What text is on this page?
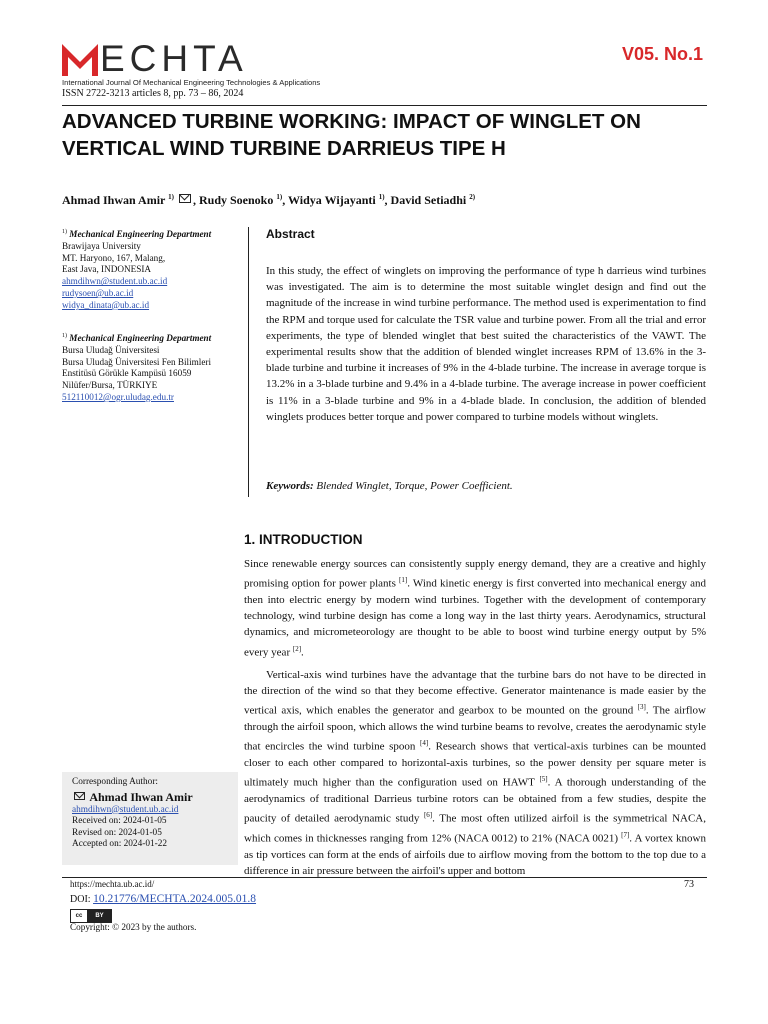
ECHTA
International Journal Of Mechanical Engineering Technologies & Applications
ISSN 2722-3213 articles 8, pp. 73 – 86, 2024
V05. No.1
ADVANCED TURBINE WORKING: IMPACT OF WINGLET ON
VERTICAL WIND TURBINE DARRIEUS TIPE H
Ahmad Ihwan Amir $^{1)}$ , Rudy Soenoko $^{1)}$, Widya Wijayanti $^{1)}$, David Setiadhi $^{2)}$
$^{1)}$ Mechanical Engineering Department
Brawijaya University
MT. Haryono, 167, Malang,
East Java, INDONESIA
ahmdihwn@student.ub.ac.id
rudysoen@ub.ac.id
widya_dinata@ub.ac.id
$^{1)}$ Mechanical Engineering Department
Bursa Uludağ Üniversitesi
Bursa Uludağ Üniversitesi Fen Bilimleri
Enstitüsü Görükle Kampüsü 16059
Nilüfer/Bursa, TÜRKIYE
512110012@ogr.uludag.edu.tr
Abstract
In this study, the effect of winglets on improving the performance of type h darrieus wind turbines was investigated. The aim is to determine the most suitable winglet design and find out the magnitude of the increase in wind turbine performance. The method used is experimentation to find the RPM and torque used for calculate the TSR value and turbine power. From all the trial and error experiments, the type of blended winglet that best suited the characteristics of the VAWT. The experimental results show that the addition of blended winglet increases RPM of 13.6% in the 3-blade turbine and turbine it increases of 9% in the 4-blade turbine. The increase in average torque is 13.2% in a 3-blade turbine and 9.4% in a 4-blade turbine. The average increase in power coefficient is 11% in a 3-blade turbine and 9% in a 4-blade blade. In conclusion, the addition of blended winglets produces better torque and power compared to turbine models without winglets.
Keywords: Blended Winglet, Torque, Power Coefficient.
1. INTRODUCTION

Since renewable energy sources can consistently supply energy demand, they are a creative and highly promising option for power plants [1]. Wind kinetic energy is first converted into mechanical energy and then into electric energy by modern wind turbines. Together with the development of contemporary technology, wind turbine design has come a long way in the last thirty years. Aerodynamics, structural dynamics, and micrometeorology are thought to be able to boost wind turbine energy output by 5% every year [2].

Vertical-axis wind turbines have the advantage that the turbine bars do not have to be directed in the direction of the wind so that they become effective. Generator maintenance is made easier by the vertical axis, which enables the generator and gearbox to be mounted on the ground [3]. The airflow through the airfoil spoon, which allows the wind turbine beams to revolve, creates the aerodynamic style that encircles the wind turbine spoon [4]. Research shows that vertical-axis turbines can be mounted closer to each other compared to horizontal-axis turbines, so the power density per square meter is ultimately much higher than the configuration used on HAWT [5]. A thorough understanding of the aerodynamics of traditional Darrieus turbine rotors can be obtained from a few studies, despite the paucity of detailed aerodynamic study [6]. The most often utilized airfoil is the symmetrical NACA, which comes in thicknesses ranging from 12% (NACA 0012) to 21% (NACA 0021) [7]. A vortex known as tip vortices can form at the ends of airfoils due to airflow moving from the bottom to the top due to a difference in air pressure between the airfoil's upper and bottom

Corresponding Author:
Ahmad Ihwan Amir
ahmdihwn@student.ub.ac.id
Received on: 2024-01-05
Revised on: 2024-01-05
Accepted on: 2024-01-22
https://mechta.ub.ac.id/	73
DOI: 10.21776/MECHTA.2024.005.01.8
cc	BY
Copyright: © 2023 by the authors.
